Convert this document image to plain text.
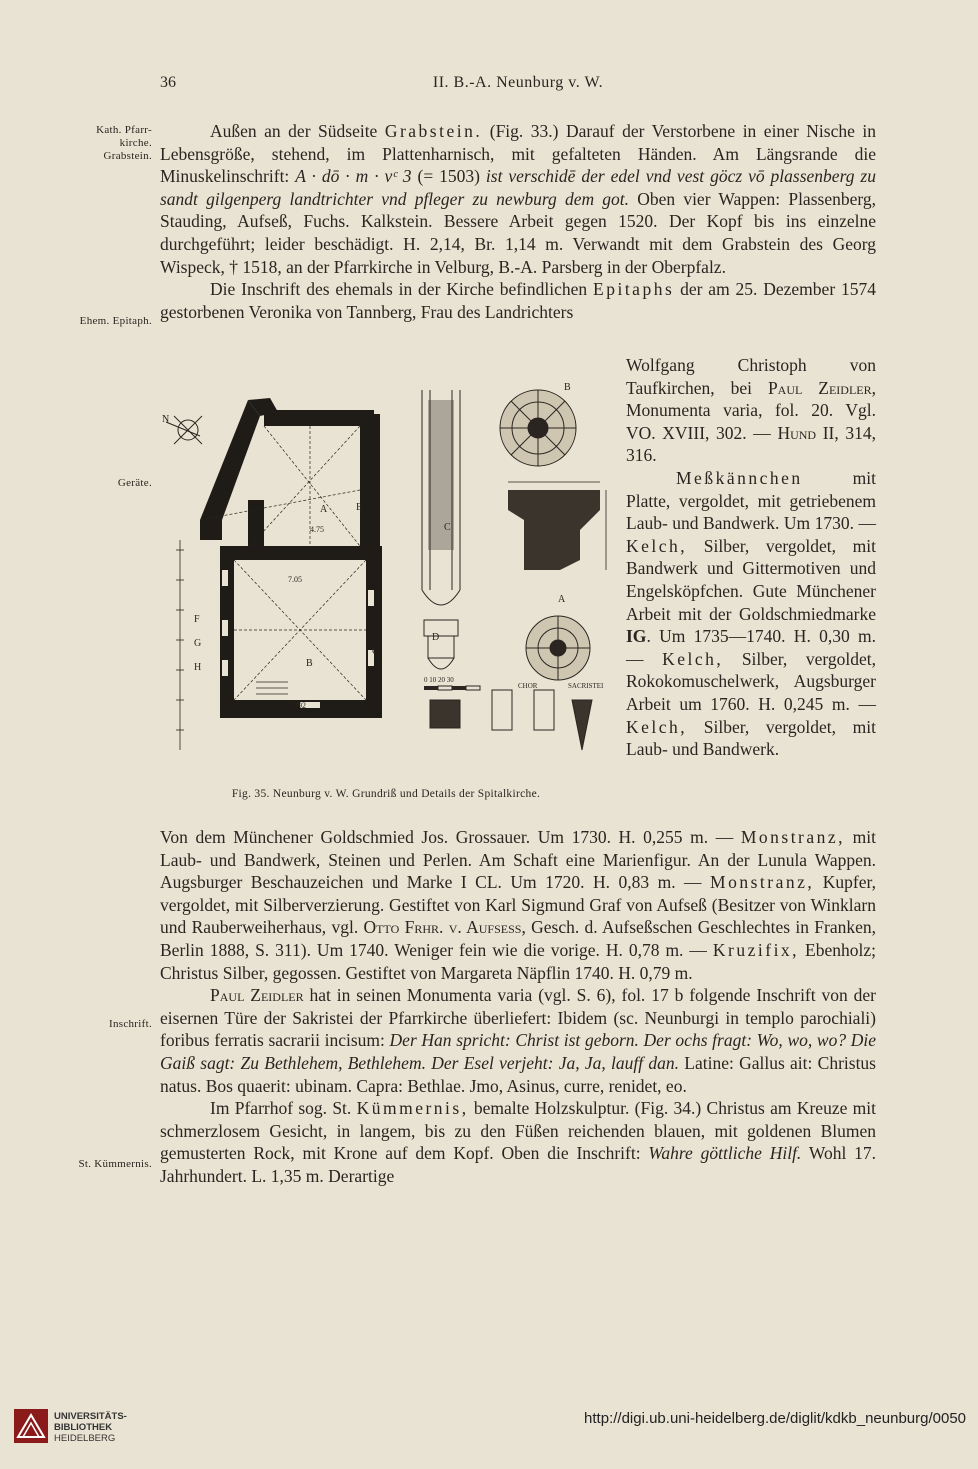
36	II. B.-A. Neunburg v. W.
Kath. Pfarr-
kirche.
Grabstein.
Ehem. Epitaph.
Geräte.
Inschrift.
St. Kümmernis.

Außen an der Südseite Grabstein. (Fig. 33.) Darauf der Verstorbene in einer Nische in Lebensgröße, stehend, im Plattenharnisch, mit gefalteten Händen. Am Längsrande die Minuskelinschrift: A · dō · m · vᶜ 3 (= 1503) ist verschidē der edel vnd vest göcz vō plassenberg zu sandt gilgenperg landtrichter vnd pfleger zu newburg dem got. Oben vier Wappen: Plassenberg, Stauding, Aufseß, Fuchs. Kalkstein. Bessere Arbeit gegen 1520. Der Kopf bis ins einzelne durchgeführt; leider beschädigt. H. 2,14, Br. 1,14 m. Verwandt mit dem Grabstein des Georg Wispeck, † 1518, an der Pfarrkirche in Velburg, B.-A. Parsberg in der Oberpfalz.

Die Inschrift des ehemals in der Kirche befindlichen Epitaphs der am 25. Dezember 1574 gestorbenen Veronika von Tannberg, Frau des Landrichters

Wolfgang Christoph von Taufkirchen, bei Paul Zeidler, Monumenta varia, fol. 20. Vgl. VO. XVIII, 302. — Hund II, 314, 316.

Meßkännchen mit Platte, vergoldet, mit getriebenem Laub- und Bandwerk. Um 1730. — Kelch, Silber, vergoldet, mit Bandwerk und Gittermotiven und Engelsköpfchen. Gute Münchener Arbeit mit der Goldschmiedmarke IG. Um 1735—1740. H. 0,30 m. — Kelch, Silber, vergoldet, Rokokomuschelwerk, Augsburger Arbeit um 1760. H. 0,245 m. — Kelch, Silber, vergoldet, mit Laub- und Bandwerk.

N
F
G
H
A	E
C
B
4.75
7.05
792
C
D
B
A
CHOR	SACRISTEI
0 10 20 30
Fig. 35. Neunburg v. W. Grundriß und Details der Spitalkirche.

Von dem Münchener Goldschmied Jos. Grossauer. Um 1730. H. 0,255 m. — Monstranz, mit Laub- und Bandwerk, Steinen und Perlen. Am Schaft eine Marienfigur. An der Lunula Wappen. Augsburger Beschauzeichen und Marke I CL. Um 1720. H. 0,83 m. — Monstranz, Kupfer, vergoldet, mit Silberverzierung. Gestiftet von Karl Sigmund Graf von Aufseß (Besitzer von Winklarn und Rauberweiherhaus, vgl. Otto Frhr. v. Aufsess, Gesch. d. Aufseßschen Geschlechtes in Franken, Berlin 1888, S. 311). Um 1740. Weniger fein wie die vorige. H. 0,78 m. — Kruzifix, Ebenholz; Christus Silber, gegossen. Gestiftet von Margareta Näpflin 1740. H. 0,79 m.

Paul Zeidler hat in seinen Monumenta varia (vgl. S. 6), fol. 17 b folgende Inschrift von der eisernen Türe der Sakristei der Pfarrkirche überliefert: Ibidem (sc. Neunburgi in templo parochiali) foribus ferratis sacrarii incisum: Der Han spricht: Christ ist geborn. Der ochs fragt: Wo, wo, wo? Die Gaiß sagt: Zu Bethlehem, Bethlehem. Der Esel verjeht: Ja, Ja, lauff dan. Latine: Gallus ait: Christus natus. Bos quaerit: ubinam. Capra: Bethlae. Jmo, Asinus, curre, renidet, eo.

Im Pfarrhof sog. St. Kümmernis, bemalte Holzskulptur. (Fig. 34.) Christus am Kreuze mit schmerzlosem Gesicht, in langem, bis zu den Füßen reichenden blauen, mit goldenen Blumen gemusterten Rock, mit Krone auf dem Kopf. Oben die Inschrift: Wahre göttliche Hilf. Wohl 17. Jahrhundert. L. 1,35 m. Derartige

UNIVERSITÄTS-
BIBLIOTHEK
HEIDELBERG
http://digi.ub.uni-heidelberg.de/diglit/kdkb_neunburg/0050
